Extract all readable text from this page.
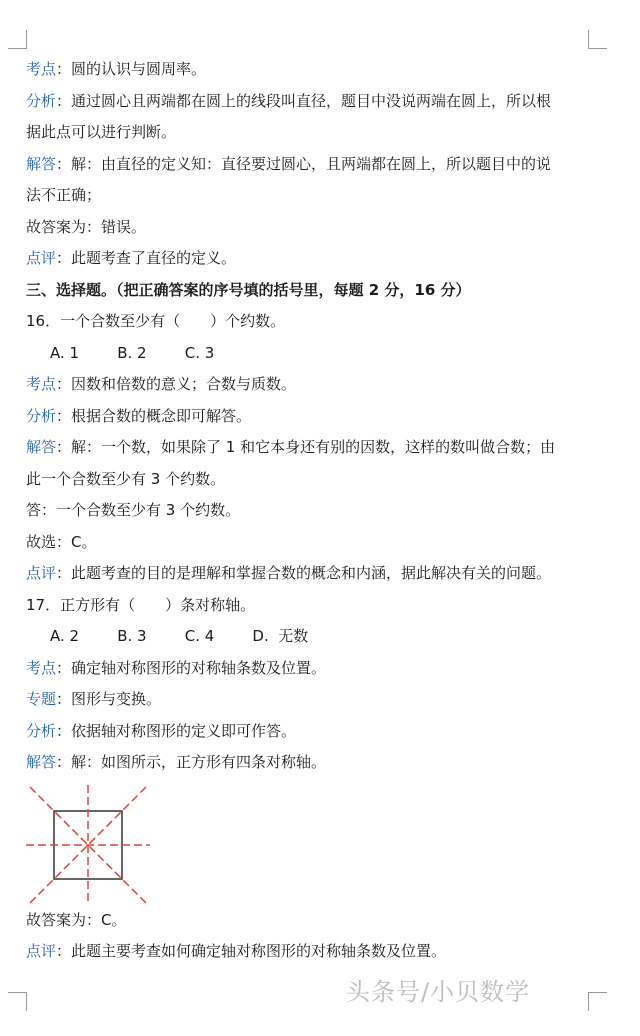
考点：圆的认识与圆周率。
分析：通过圆心且两端都在圆上的线段叫直径，题目中没说两端在圆上，所以根
据此点可以进行判断。
解答：解：由直径的定义知：直径要过圆心，且两端都在圆上，所以题目中的说
法不正确；
故答案为：错误。
点评：此题考查了直径的定义。
三、选择题。（把正确答案的序号填的括号里，每题 2 分，16 分）
16．一个合数至少有（　　）个约数。
A. 1        B. 2        C. 3
考点：因数和倍数的意义；合数与质数。
分析：根据合数的概念即可解答。
解答：解：一个数，如果除了 1 和它本身还有别的因数，这样的数叫做合数；由
此一个合数至少有 3 个约数。
答：一个合数至少有 3 个约数。
故选：C。
点评：此题考查的目的是理解和掌握合数的概念和内涵，据此解决有关的问题。
17．正方形有（　　）条对称轴。
A. 2        B. 3        C. 4        D.  无数
考点：确定轴对称图形的对称轴条数及位置。
专题：图形与变换。
分析：依据轴对称图形的定义即可作答。
解答：解：如图所示，正方形有四条对称轴。
故答案为：C。
点评：此题主要考查如何确定轴对称图形的对称轴条数及位置。
头条号/小贝数学
